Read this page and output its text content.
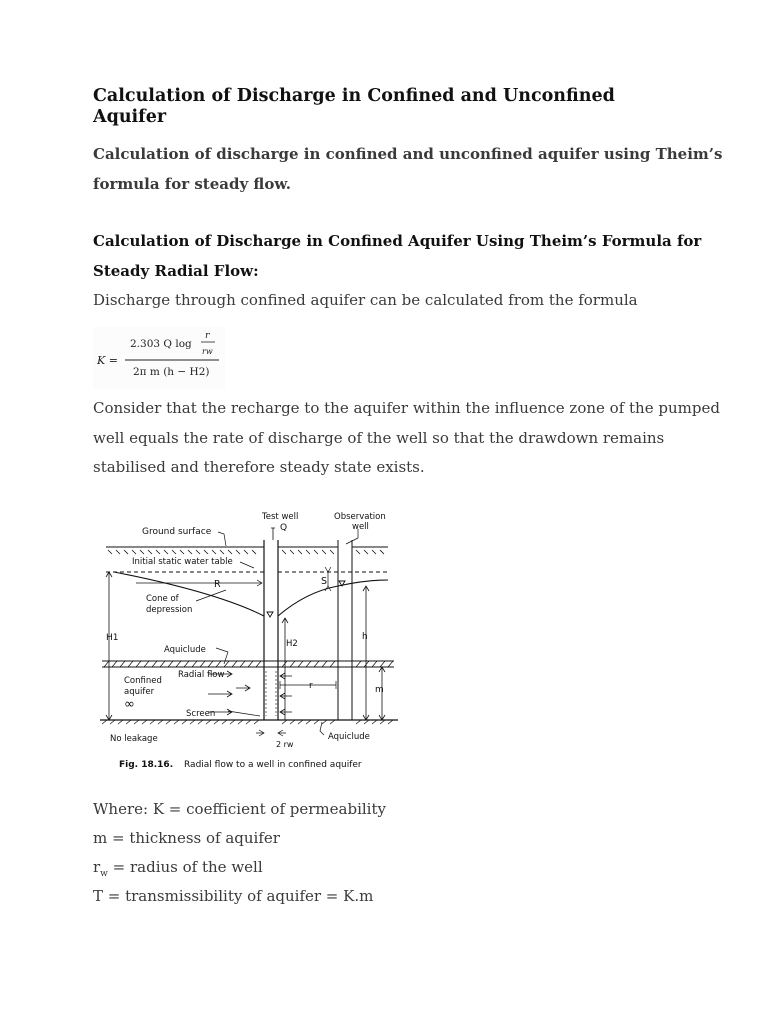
Calculation of Discharge in Confined and Unconfined Aquifer
Calculation of discharge in confined and unconfined aquifer using Theim’s formula for steady flow.
Calculation of Discharge in Confined Aquifer Using Theim’s Formula for Steady Radial Flow:
Discharge through confined aquifer can be calculated from the formula
K =
2.303 Q log
r
rw
2π m (h − H2)
Consider that the recharge to the aquifer within the influence zone of the pumped well equals the rate of discharge of the well so that the drawdown remains stabilised and therefore steady state exists.
Test well
Q
Observation
well
Ground surface
Initial static water table
R	S
Cone of
depression
H1	h
H2
Aquiclude
Radial flow
Confined
aquifer
∞
r	m
Screen
No leakage	Aquiclude
2 rw
Fig. 18.16. Radial flow to a well in confined aquifer
Where: K = coefficient of permeability
m = thickness of aquifer
$r_w$ = radius of the well
T = transmissibility of aquifer = K.m
